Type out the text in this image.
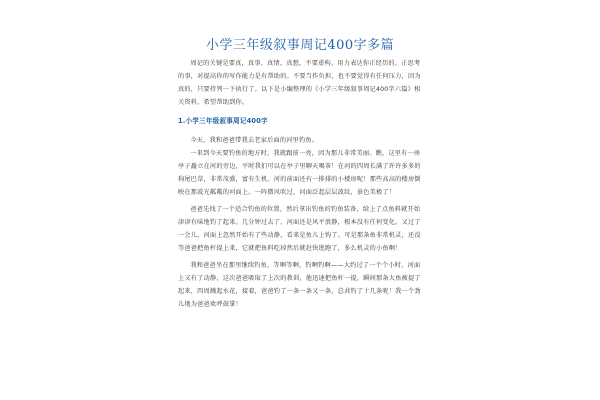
小学三年级叙事周记400字多篇

周记的关键是要真，真事、真情、真想，不要虚构。用力表达你正经历的、正思考的事，对提高你的写作能力是有帮助的。不要当作负担，也不要觉得有任何压力，因为真的，只要持列一下执行了。以下是小编整理的《小学三年级叙事周记400字六篇》相关资料，希望帮助到你。

1.小学三年级叙事周记400字

今天，我和爸爸带我去老家后面的河里钓鱼。

一来到今天要钓鱼的地方时，我就跟前一亮，因为那儿非常美丽。瞧，这里有一座亭子矗立在河的旁边，平时我们可以在亭子里聊天喝茶！在河的四周长满了许许多多的狗尾巴草，非常茂盛，富有生机。河的前面还有一排排的小楼房呢！那些高高的楼房倒映在那波光粼粼的河面上。一阵微风吹过，河面泛起层层波纹，景色美极了！

爸爸先找了一个适合钓鱼的位置，然后拿出钓鱼的钓鱼装备，给上了点鱼料就开始津津有味地钓了起来。几分钟过去了，河面还是风平浪静，根本没有任何变化。又过了一会儿，河面上忽然开始有了些动静，看来是鱼儿上钩了。可是那条鱼非常机灵，还没等爸爸把鱼杆提上来，它就把鱼料吃掉然后就赶快逃跑了，多么机灵的小鱼啊！

我和爸爸坐在那里继续钓鱼，等啊等啊，钓啊钓啊——大约过了一个个小时，河面上又有了动静，这次爸爸吸取了上次的教训，他迅速把鱼杆一提，瞬间那条大鱼被提了起来，四周溅起水花，接着，爸爸钓了一条一条又一条，总共钓了十几条呢！我一个劲儿地为爸爸欢呼鼓掌！
